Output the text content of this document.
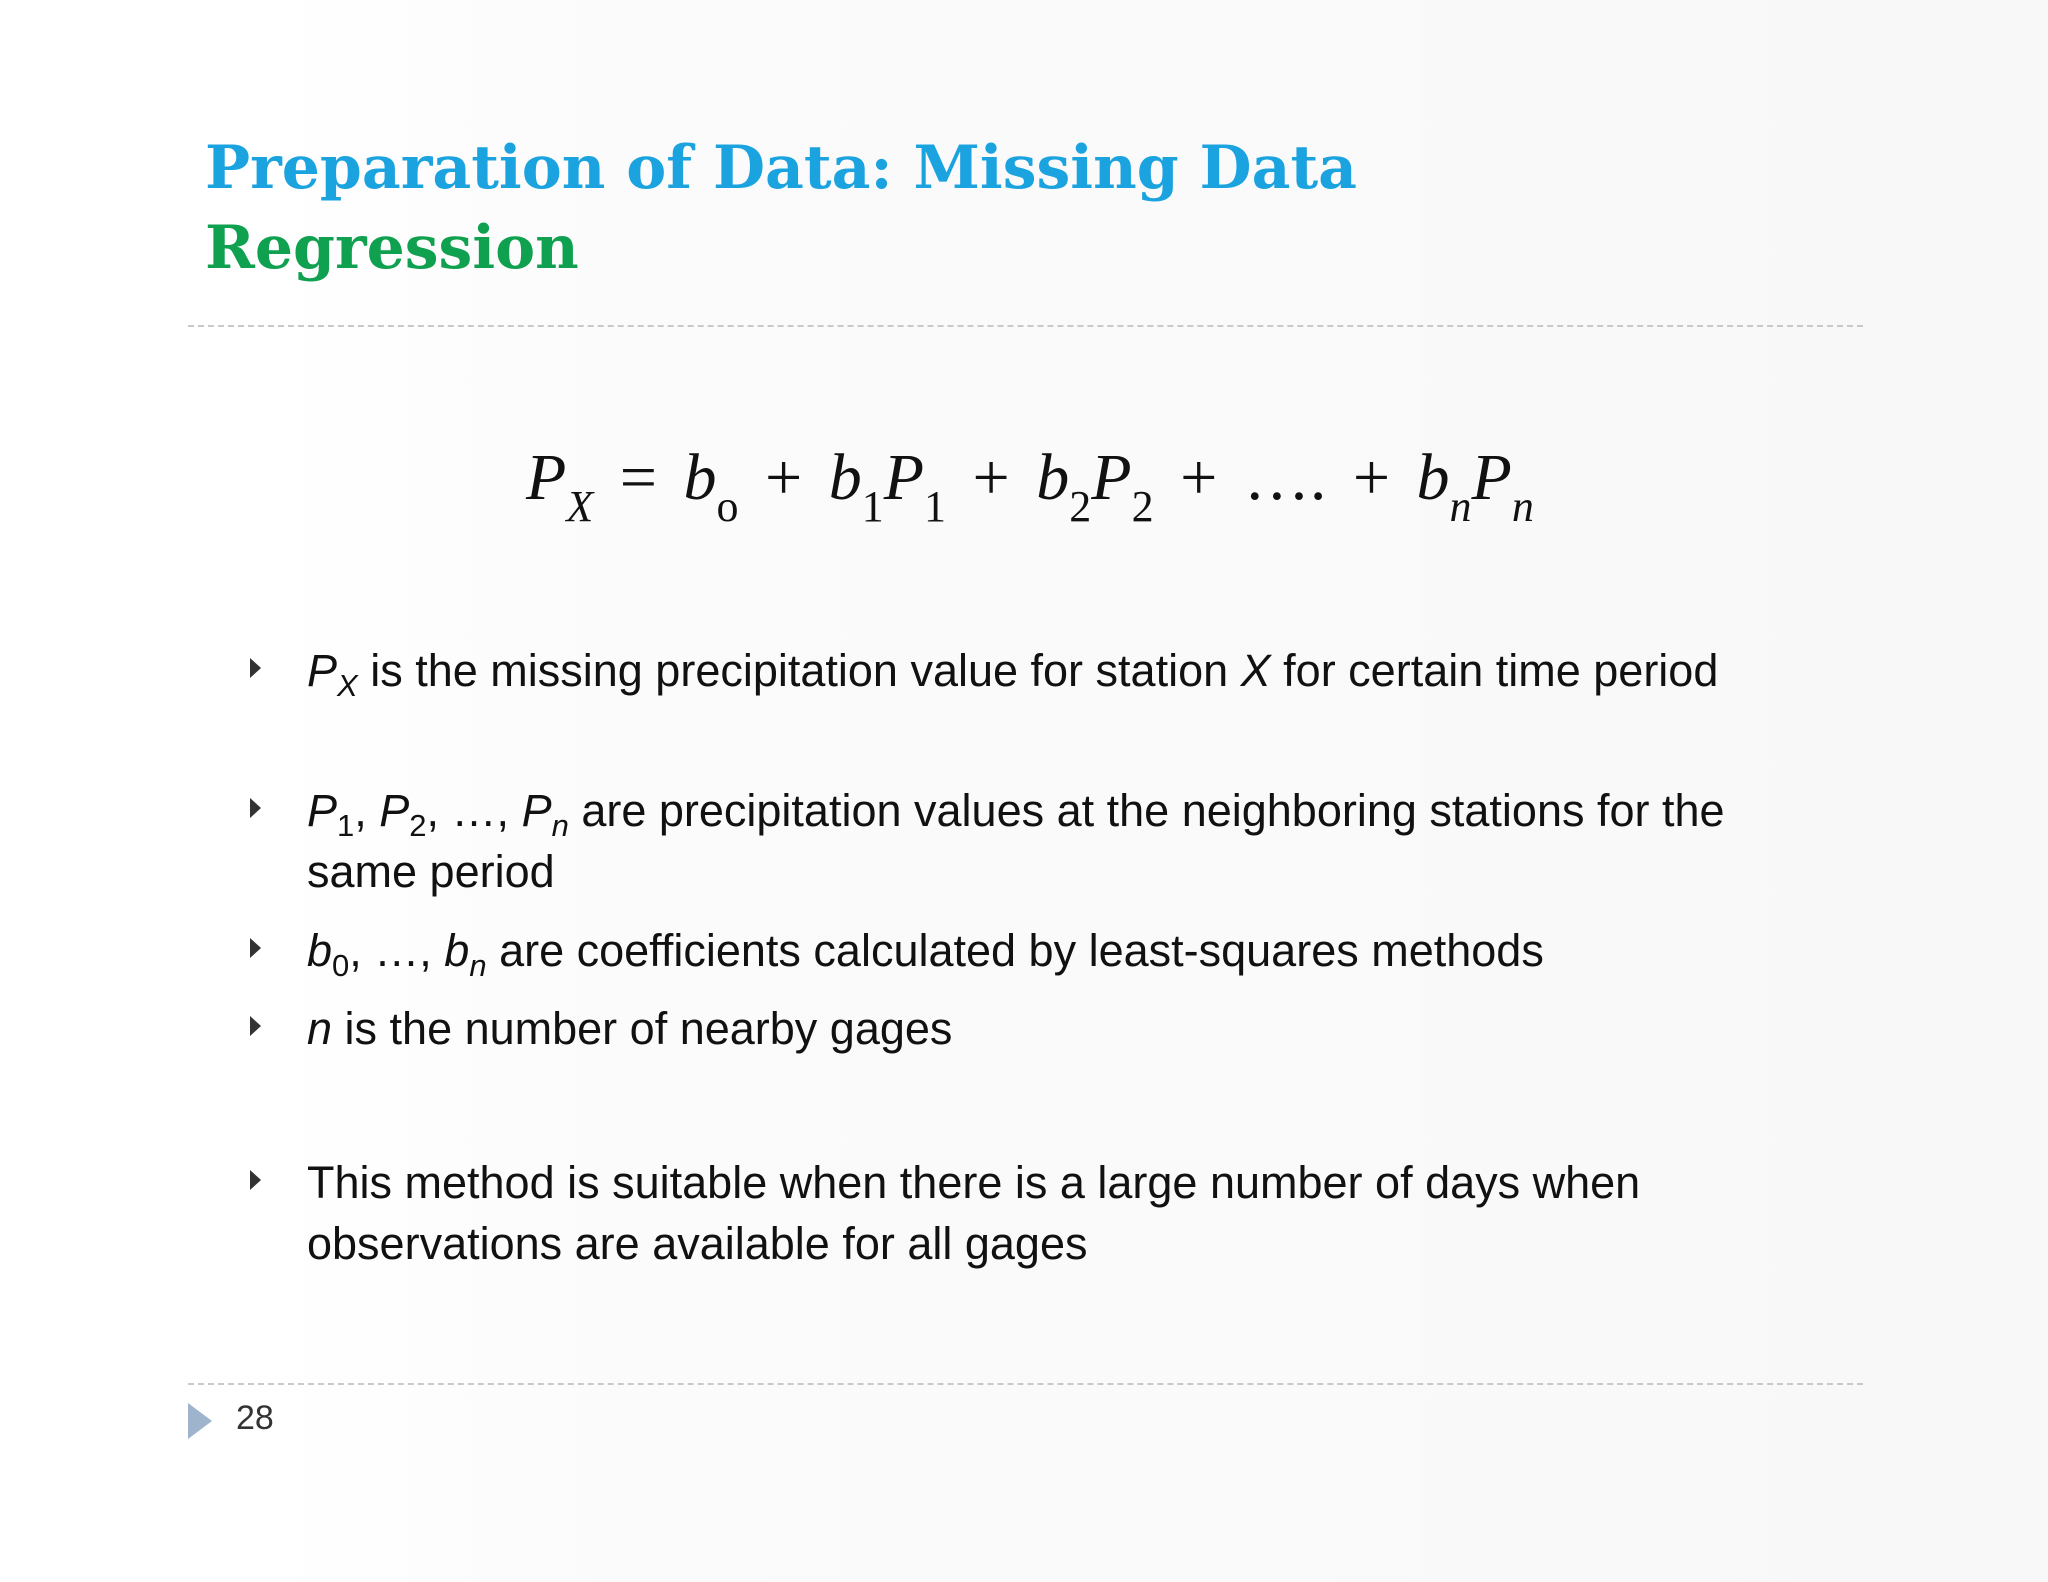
Preparation of Data: Missing Data
Regression
$P_X = b_o + b_1P_1 + b_2P_2$ + …. + $b_nP_n$
$P_X$ is the missing precipitation value for station X for certain time period
$P_1$, $P_2$, …, $P_n$ are precipitation values at the neighboring stations for the same period
$b_0$, …, $b_n$ are coefficients calculated by least-squares methods
n is the number of nearby gages
This method is suitable when there is a large number of days when observations are available for all gages
28
